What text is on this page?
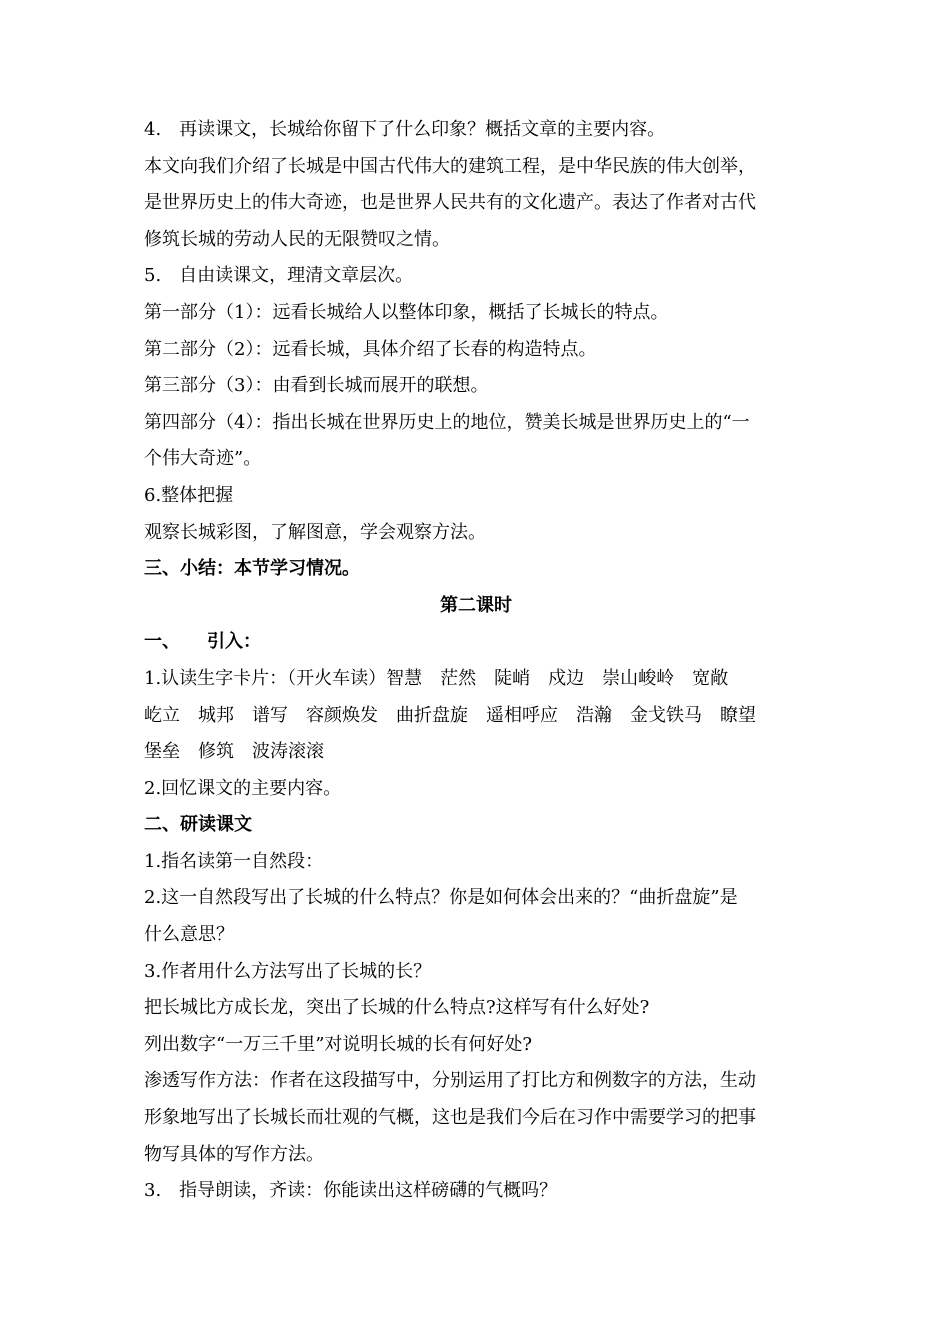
4.　再读课文，长城给你留下了什么印象？概括文章的主要内容。
本文向我们介绍了长城是中国古代伟大的建筑工程，是中华民族的伟大创举，
是世界历史上的伟大奇迹，也是世界人民共有的文化遗产。表达了作者对古代
修筑长城的劳动人民的无限赞叹之情。
5.　自由读课文，理清文章层次。
第一部分（1）：远看长城给人以整体印象，概括了长城长的特点。
第二部分（2）：远看长城，具体介绍了长春的构造特点。
第三部分（3）：由看到长城而展开的联想。
第四部分（4）：指出长城在世界历史上的地位，赞美长城是世界历史上的“一
个伟大奇迹”。
6.整体把握
观察长城彩图，了解图意，学会观察方法。
三、小结：本节学习情况。
第二课时
一、　　引入：
1.认读生字卡片：（开火车读）智慧　茫然　陡峭　戍边　崇山峻岭　宽敞
屹立　城邦　谱写　容颜焕发　曲折盘旋　遥相呼应　浩瀚　金戈铁马　瞭望
堡垒　修筑　波涛滚滚
2.回忆课文的主要内容。
二、研读课文
1.指名读第一自然段：
2.这一自然段写出了长城的什么特点？你是如何体会出来的？“曲折盘旋”是
什么意思？
3.作者用什么方法写出了长城的长？
把长城比方成长龙，突出了长城的什么特点?这样写有什么好处?
列出数字“一万三千里”对说明长城的长有何好处?
渗透写作方法：作者在这段描写中，分别运用了打比方和例数字的方法，生动
形象地写出了长城长而壮观的气概，这也是我们今后在习作中需要学习的把事
物写具体的写作方法。
3.　指导朗读，齐读：你能读出这样磅礴的气概吗？
